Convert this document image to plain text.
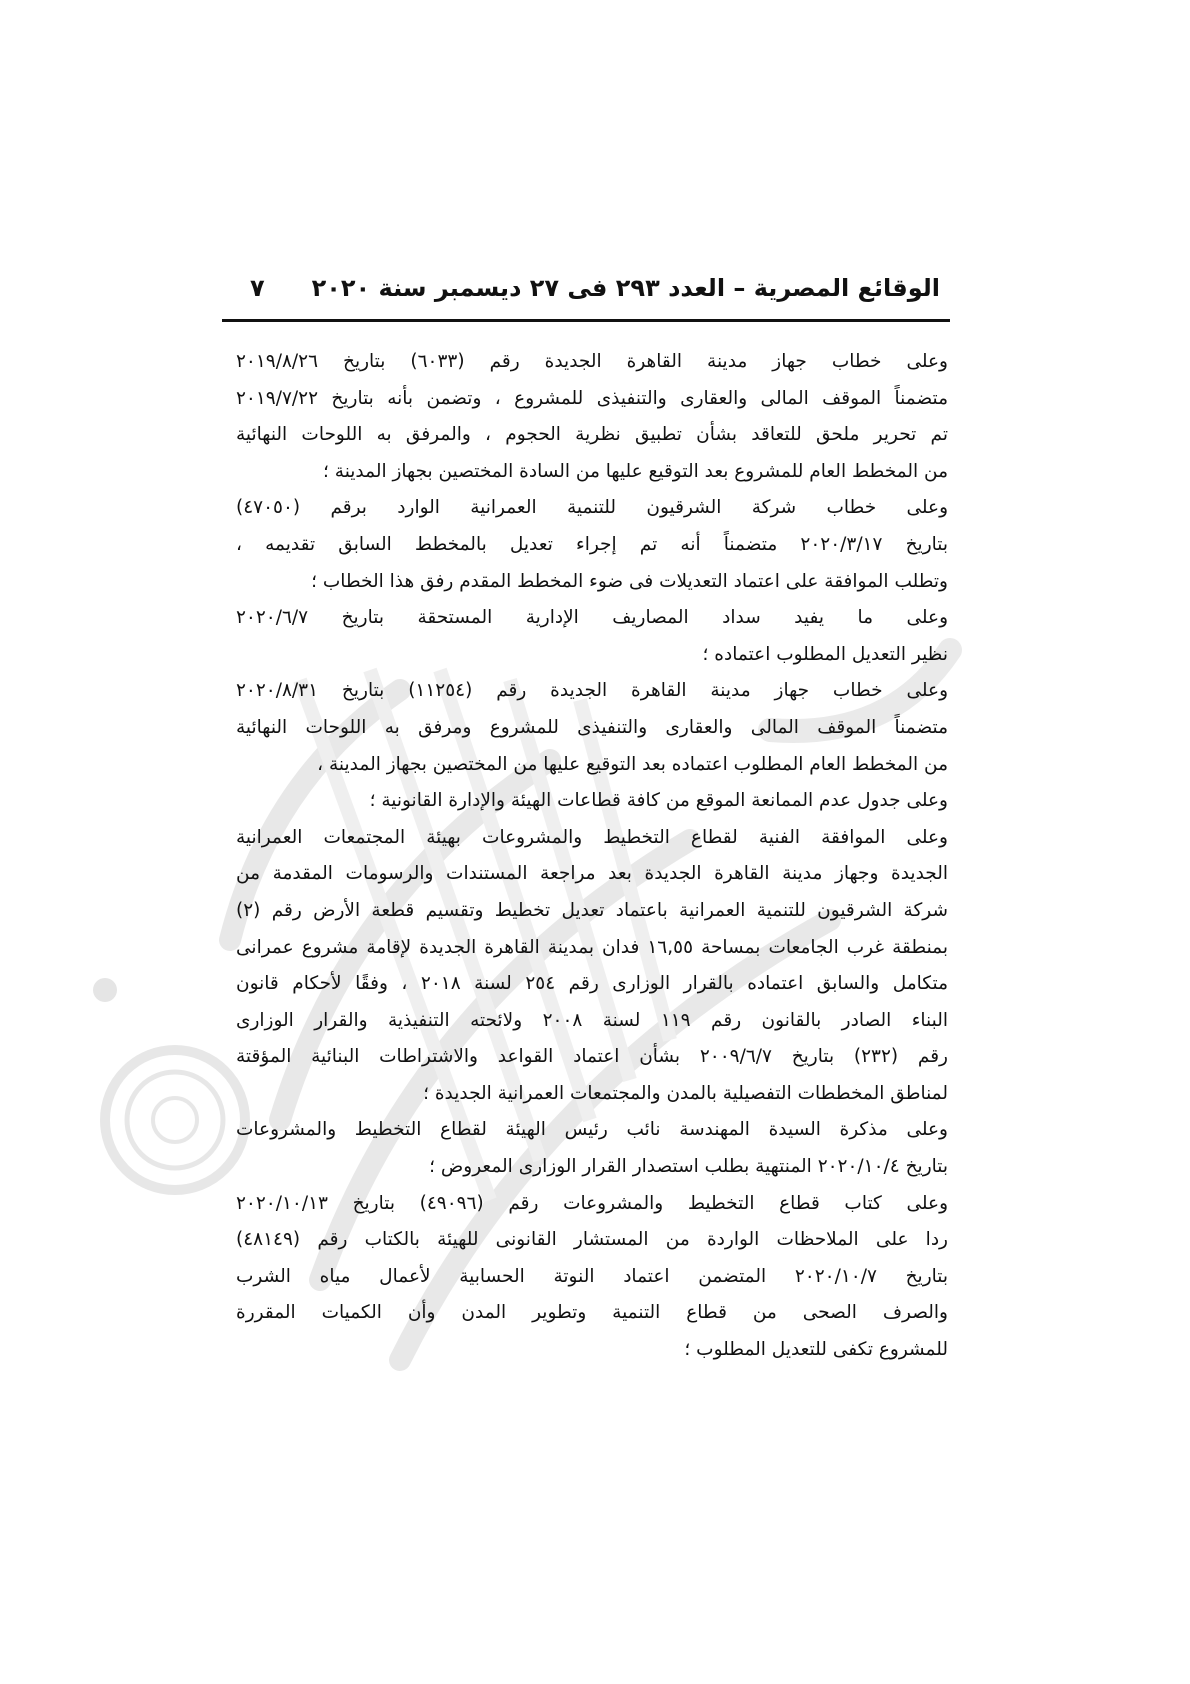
الوقائع المصرية – العدد ٢٩٣ فى ٢٧ ديسمبر سنة ٢٠٢٠
٧
وعلى خطاب جهاز مدينة القاهرة الجديدة رقم (٦٠٣٣) بتاريخ ٢٠١٩/٨/٢٦
متضمناً الموقف المالى والعقارى والتنفيذى للمشروع ، وتضمن بأنه بتاريخ ٢٠١٩/٧/٢٢
تم تحرير ملحق للتعاقد بشأن تطبيق نظرية الحجوم ، والمرفق به اللوحات النهائية
من المخطط العام للمشروع بعد التوقيع عليها من السادة المختصين بجهاز المدينة ؛
وعلى خطاب شركة الشرقيون للتنمية العمرانية الوارد برقم (٤٧٠٥٠)
بتاريخ ٢٠٢٠/٣/١٧ متضمناً أنه تم إجراء تعديل بالمخطط السابق تقديمه ،
وتطلب الموافقة على اعتماد التعديلات فى ضوء المخطط المقدم رفق هذا الخطاب ؛
وعلى ما يفيد سداد المصاريف الإدارية المستحقة بتاريخ ٢٠٢٠/٦/٧
نظير التعديل المطلوب اعتماده ؛
وعلى خطاب جهاز مدينة القاهرة الجديدة رقم (١١٢٥٤) بتاريخ ٢٠٢٠/٨/٣١
متضمناً الموقف المالى والعقارى والتنفيذى للمشروع ومرفق به اللوحات النهائية
من المخطط العام المطلوب اعتماده بعد التوقيع عليها من المختصين بجهاز المدينة ،
وعلى جدول عدم الممانعة الموقع من كافة قطاعات الهيئة والإدارة القانونية ؛
وعلى الموافقة الفنية لقطاع التخطيط والمشروعات بهيئة المجتمعات العمرانية
الجديدة وجهاز مدينة القاهرة الجديدة بعد مراجعة المستندات والرسومات المقدمة من
شركة الشرقيون للتنمية العمرانية باعتماد تعديل تخطيط وتقسيم قطعة الأرض رقم (٢)
بمنطقة غرب الجامعات بمساحة ١٦,٥٥ فدان بمدينة القاهرة الجديدة لإقامة مشروع عمرانى
متكامل والسابق اعتماده بالقرار الوزارى رقم ٢٥٤ لسنة ٢٠١٨ ، وفقًا لأحكام قانون
البناء الصادر بالقانون رقم ١١٩ لسنة ٢٠٠٨ ولائحته التنفيذية والقرار الوزارى
رقم (٢٣٢) بتاريخ ٢٠٠٩/٦/٧ بشأن اعتماد القواعد والاشتراطات البنائية المؤقتة
لمناطق المخططات التفصيلية بالمدن والمجتمعات العمرانية الجديدة ؛
وعلى مذكرة السيدة المهندسة نائب رئيس الهيئة لقطاع التخطيط والمشروعات
بتاريخ ٢٠٢٠/١٠/٤ المنتهية بطلب استصدار القرار الوزارى المعروض ؛
وعلى كتاب قطاع التخطيط والمشروعات رقم (٤٩٠٩٦) بتاريخ ٢٠٢٠/١٠/١٣
ردا على الملاحظات الواردة من المستشار القانونى للهيئة بالكتاب رقم (٤٨١٤٩)
بتاريخ ٢٠٢٠/١٠/٧ المتضمن اعتماد النوتة الحسابية لأعمال مياه الشرب
والصرف الصحى من قطاع التنمية وتطوير المدن وأن الكميات المقررة
للمشروع تكفى للتعديل المطلوب ؛
